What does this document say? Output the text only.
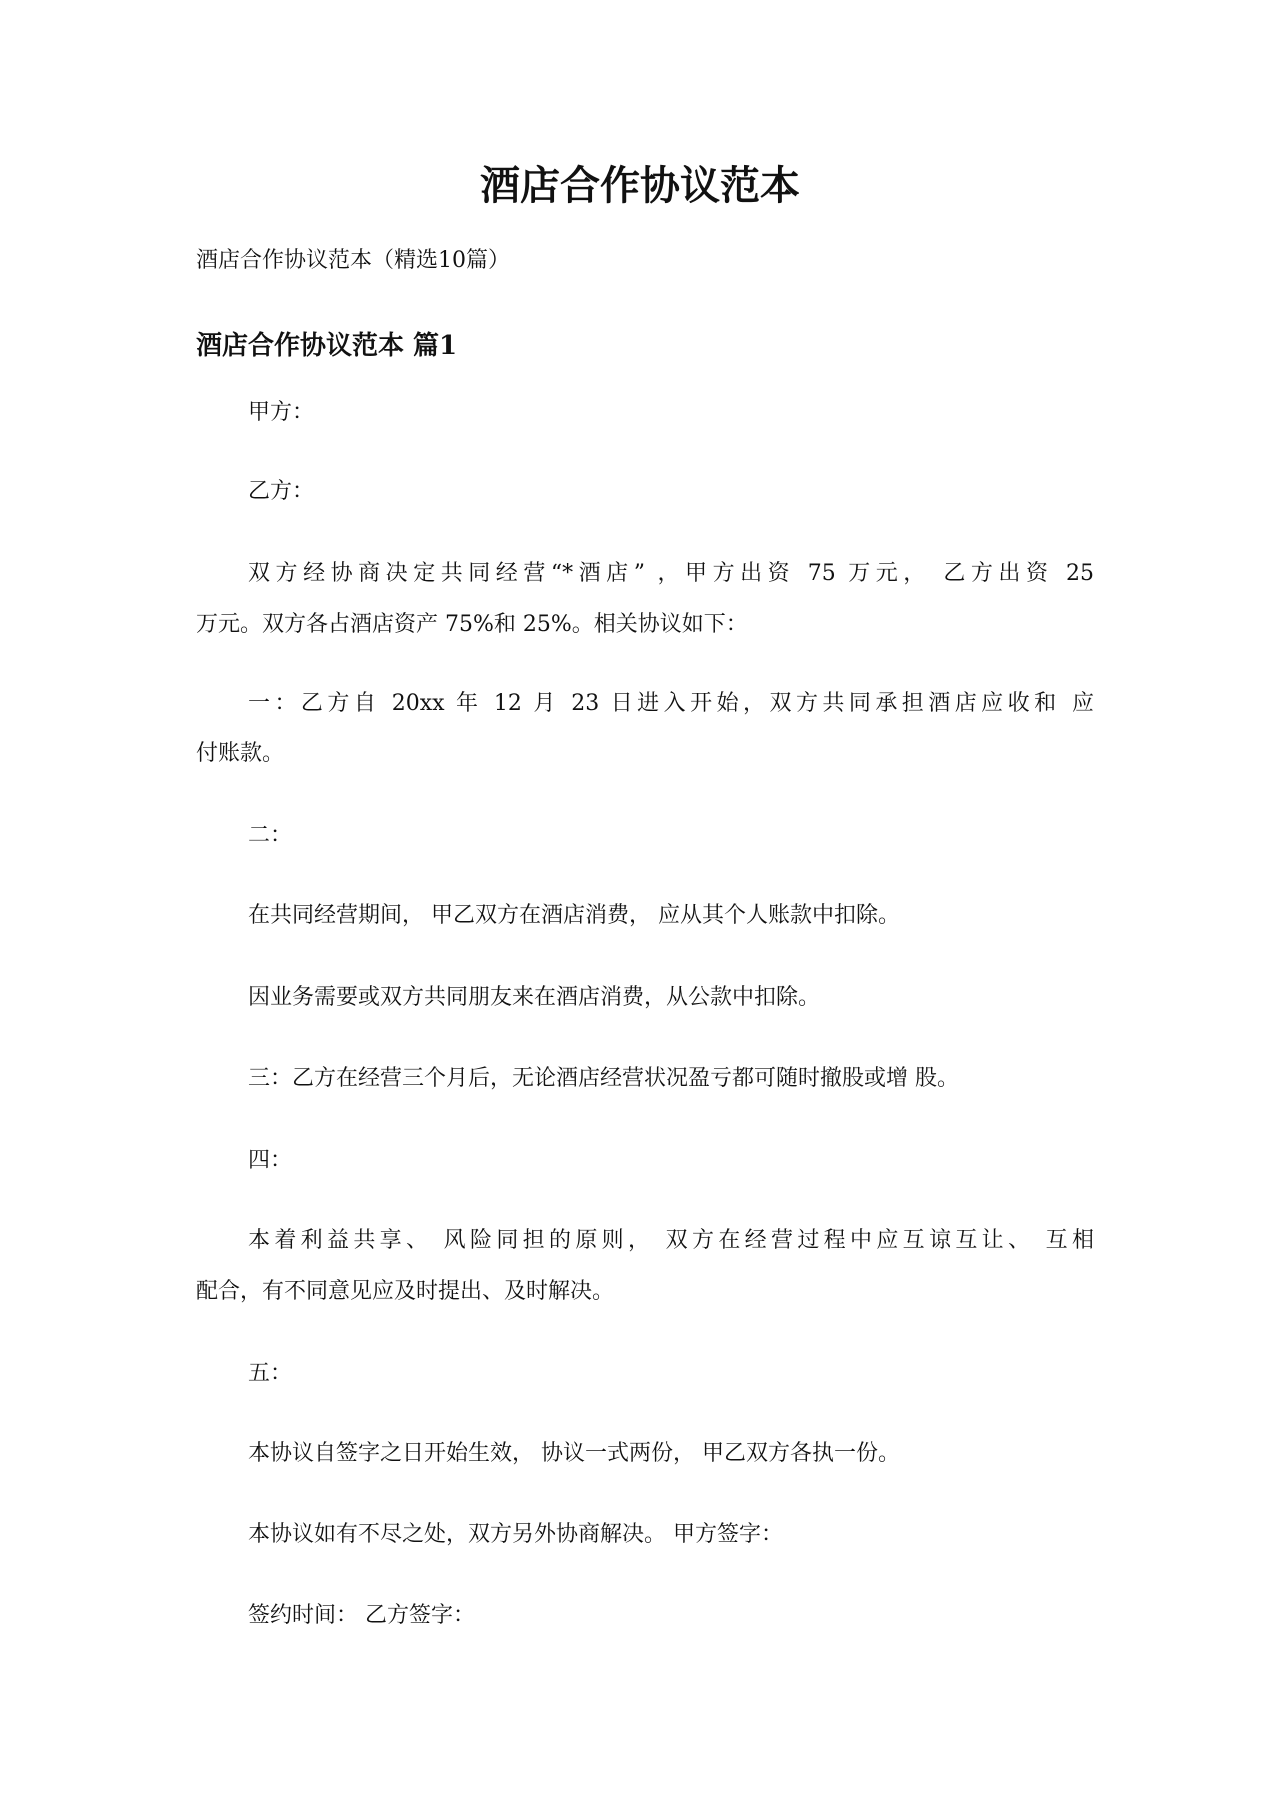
酒店合作协议范本
酒店合作协议范本（精选10篇）
酒店合作协议范本 篇1
甲方：
乙方：
双方经协商决定共同经营“*酒店” ，甲方出资 75 万元， 乙方出资 25
万元。双方各占酒店资产 75%和 25%。相关协议如下：
一：乙方自 20xx 年 12 月 23 日进入开始，双方共同承担酒店应收和 应
付账款。
二：
在共同经营期间， 甲乙双方在酒店消费， 应从其个人账款中扣除。
因业务需要或双方共同朋友来在酒店消费，从公款中扣除。
三：乙方在经营三个月后，无论酒店经营状况盈亏都可随时撤股或增 股。
四：
本着利益共享、 风险同担的原则， 双方在经营过程中应互谅互让、 互相
配合，有不同意见应及时提出、及时解决。
五：
本协议自签字之日开始生效， 协议一式两份， 甲乙双方各执一份。
本协议如有不尽之处，双方另外协商解决。 甲方签字：
签约时间： 乙方签字：
